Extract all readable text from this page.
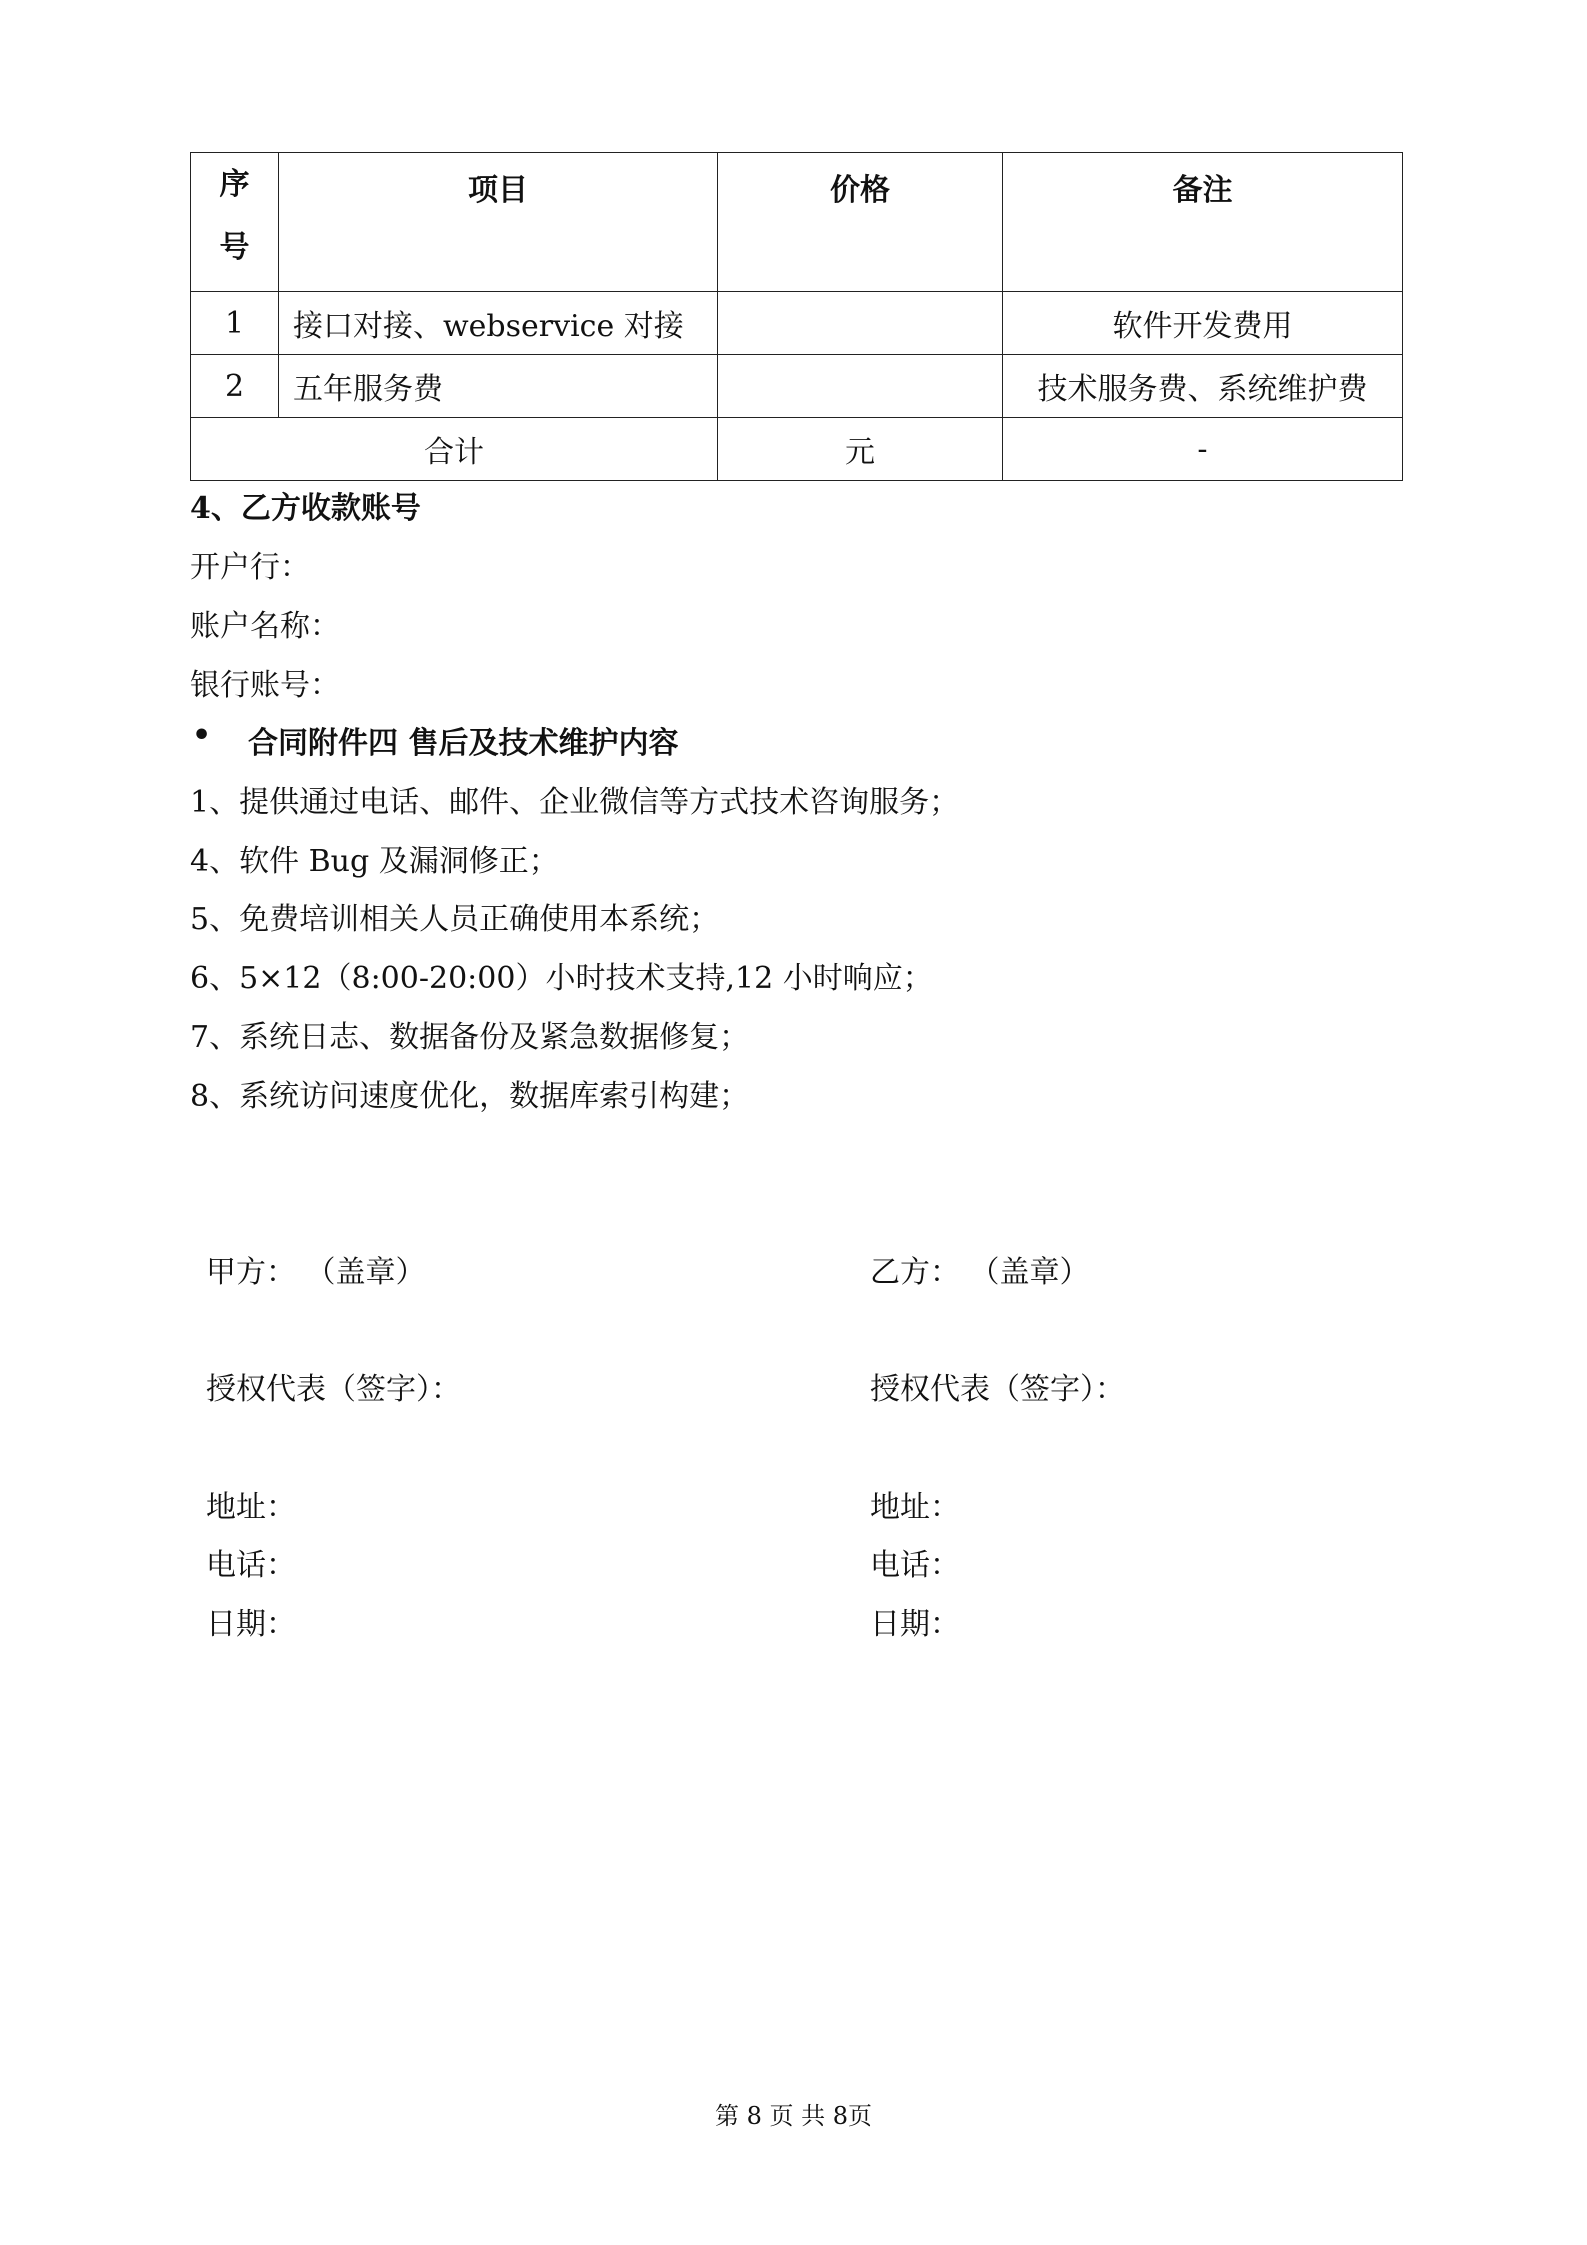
序
号	项目	价格	备注
1	接口对接、webservice 对接		软件开发费用
2	五年服务费		技术服务费、系统维护费
合计		元	-
4、乙方收款账号
开户行：
账户名称：
银行账号：
• 合同附件四 售后及技术维护内容
1、提供通过电话、邮件、企业微信等方式技术咨询服务；
4、软件 Bug 及漏洞修正；
5、免费培训相关人员正确使用本系统；
6、5×12（8:00-20:00）小时技术支持,12 小时响应；
7、系统日志、数据备份及紧急数据修复；
8、系统访问速度优化，数据库索引构建；
甲方： （盖章）	乙方： （盖章）
授权代表（签字）：	授权代表（签字）：
地址：	地址：
电话：	电话：
日期：	日期：
第 8 页 共 8页
